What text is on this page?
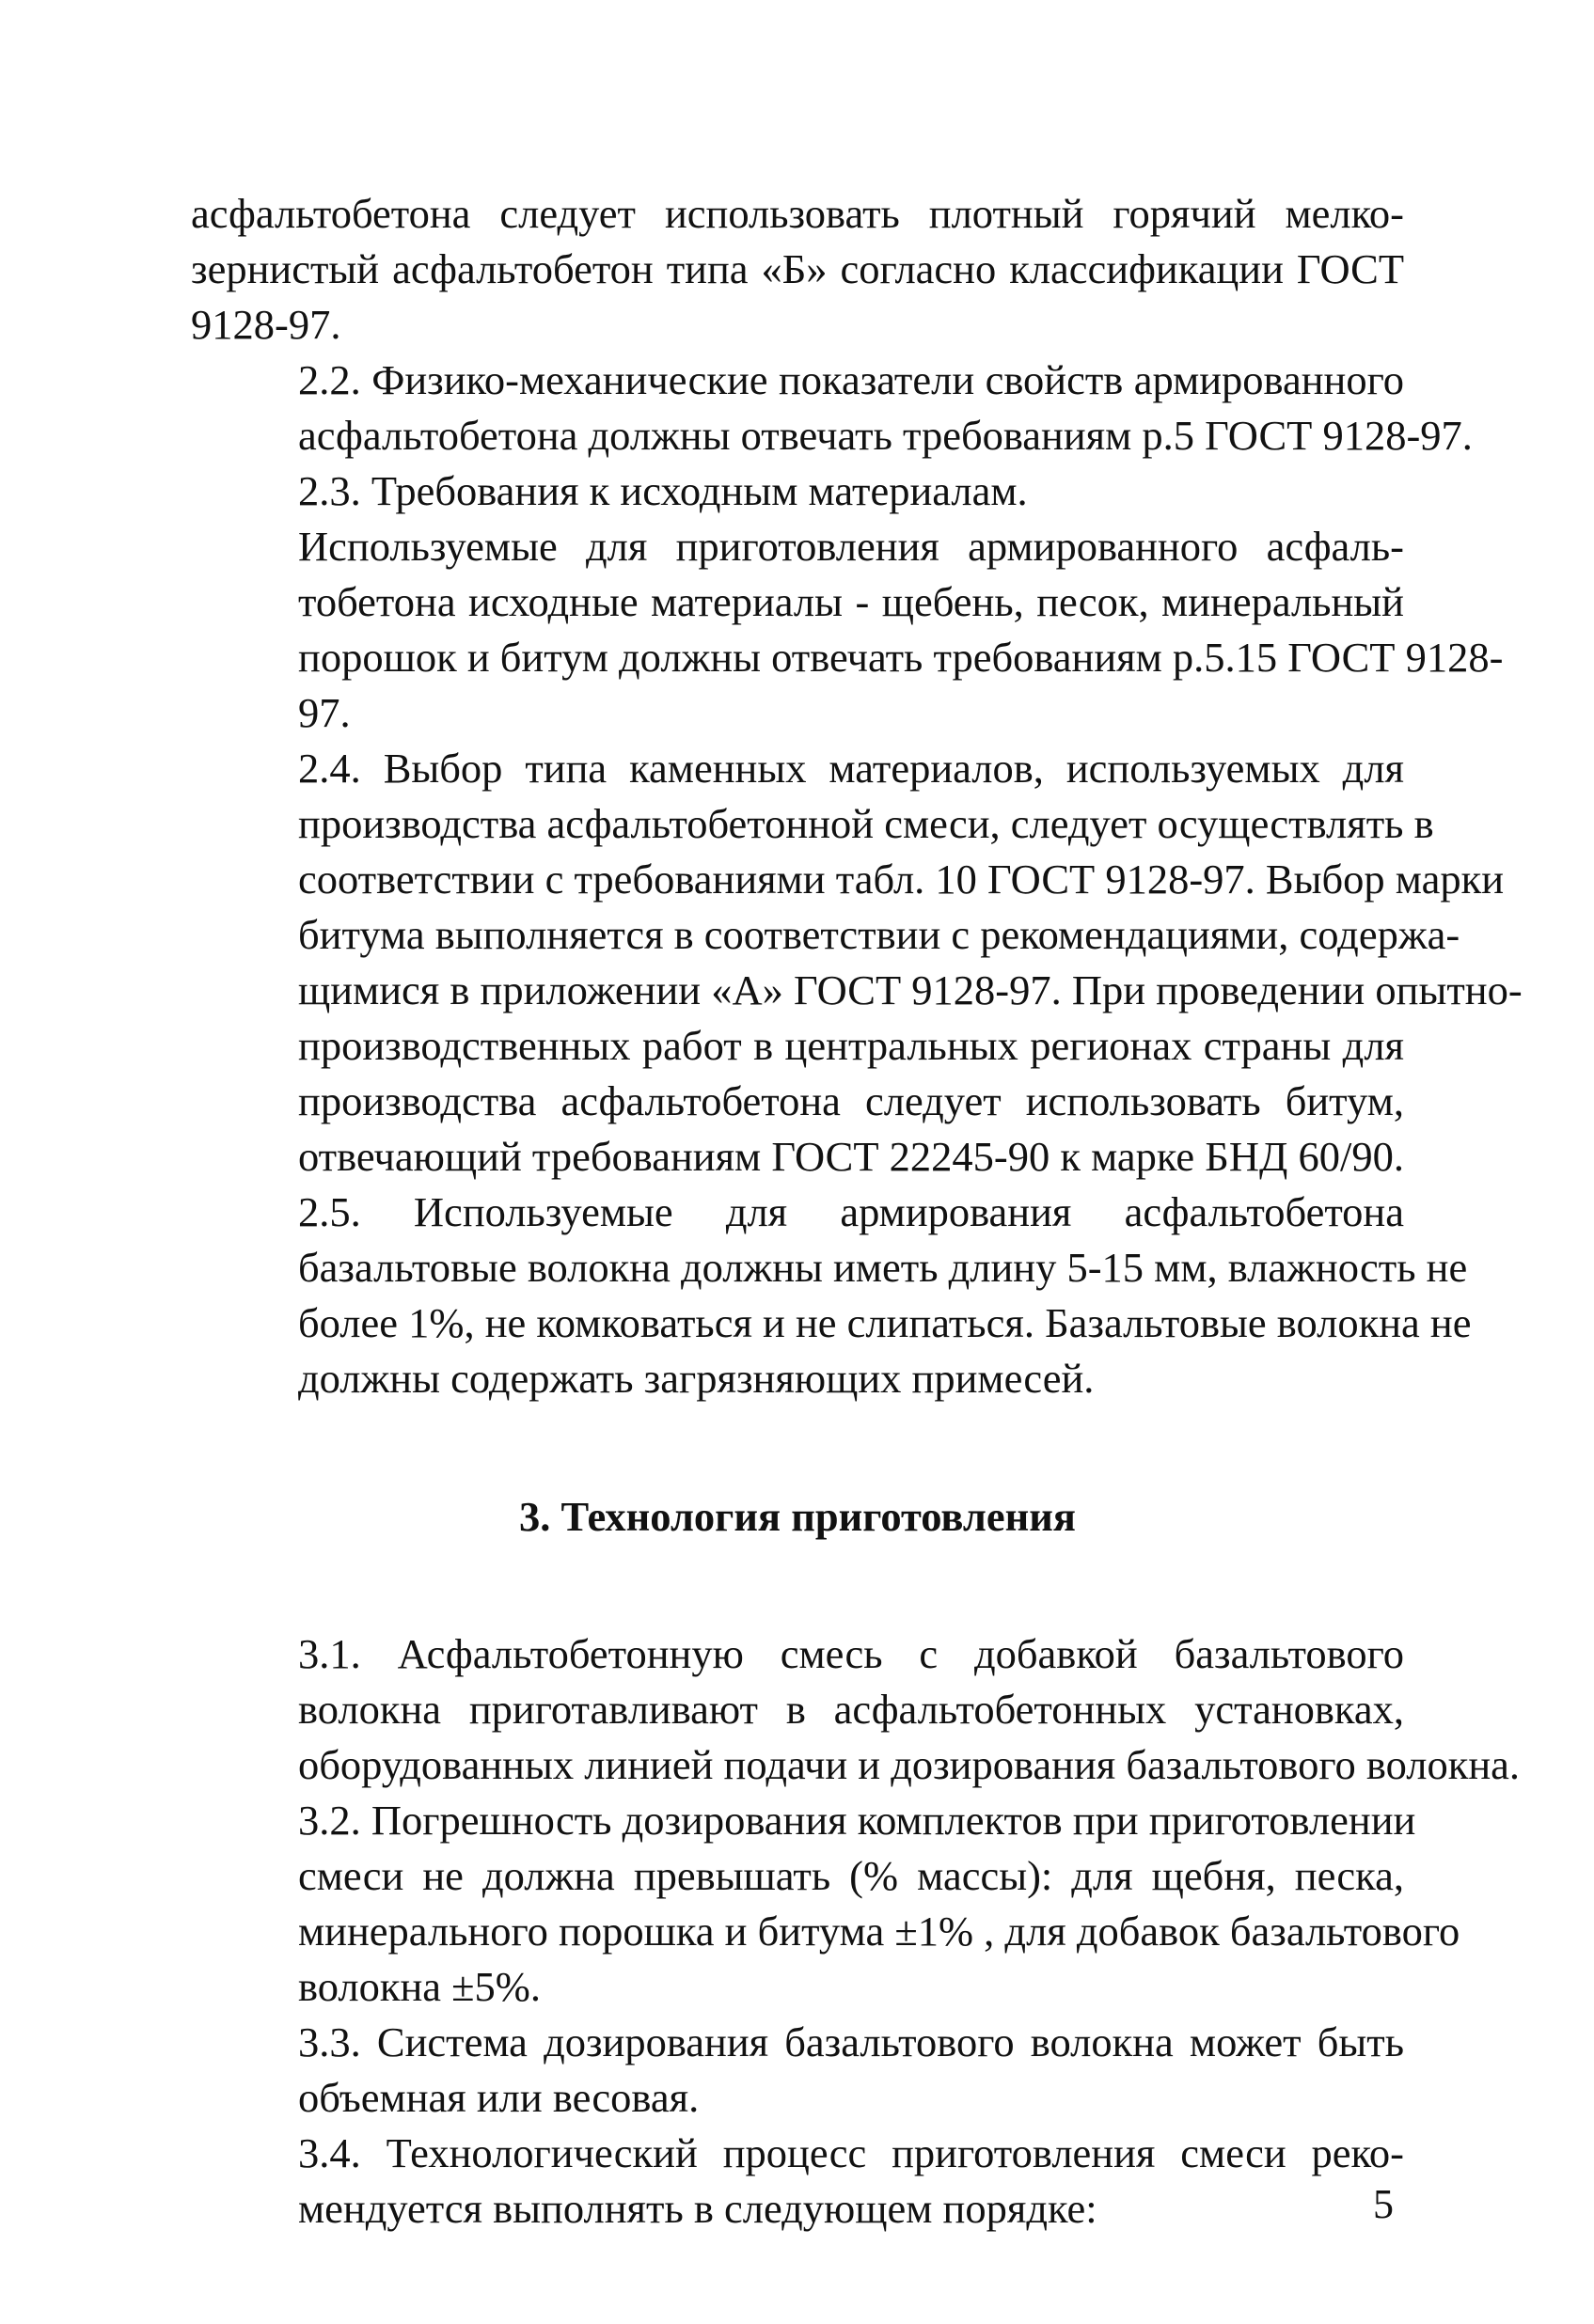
асфальтобетона следует использовать плотный горячий мелко-
зернистый асфальтобетон типа «Б» согласно классификации ГОСТ
9128-97.

2.2. Физико-механические показатели свойств армированного
асфальтобетона должны отвечать требованиям р.5 ГОСТ 9128-97.

2.3. Требования к исходным материалам.

Используемые для приготовления армированного асфаль-
тобетона исходные материалы - щебень, песок, минеральный
порошок и битум должны отвечать требованиям р.5.15 ГОСТ 9128-
97.

2.4. Выбор типа каменных материалов, используемых для
производства асфальтобетонной смеси, следует осуществлять в
соответствии с требованиями табл. 10 ГОСТ 9128-97. Выбор марки
битума выполняется в соответствии с рекомендациями, содержа-
щимися в приложении «А» ГОСТ 9128-97. При проведении опытно-
производственных работ в центральных регионах страны для
производства асфальтобетона следует использовать битум,
отвечающий требованиям ГОСТ 22245-90 к марке БНД 60/90.

2.5. Используемые для армирования асфальтобетона
базальтовые волокна должны иметь длину 5-15 мм, влажность не
более 1%, не комковаться и не слипаться. Базальтовые волокна не
должны содержать загрязняющих примесей.

3. Технология приготовления

3.1. Асфальтобетонную смесь с добавкой базальтового
волокна приготавливают в асфальтобетонных установках,
оборудованных линией подачи и дозирования базальтового волокна.

3.2. Погрешность дозирования комплектов при приготовлении
смеси не должна превышать (% массы): для щебня, песка,
минерального порошка и битума ±1% , для добавок базальтового
волокна ±5%.

3.3. Система дозирования базальтового волокна может быть
объемная или весовая.

3.4. Технологический процесс приготовления смеси реко-
мендуется выполнять в следующем порядке:	5
